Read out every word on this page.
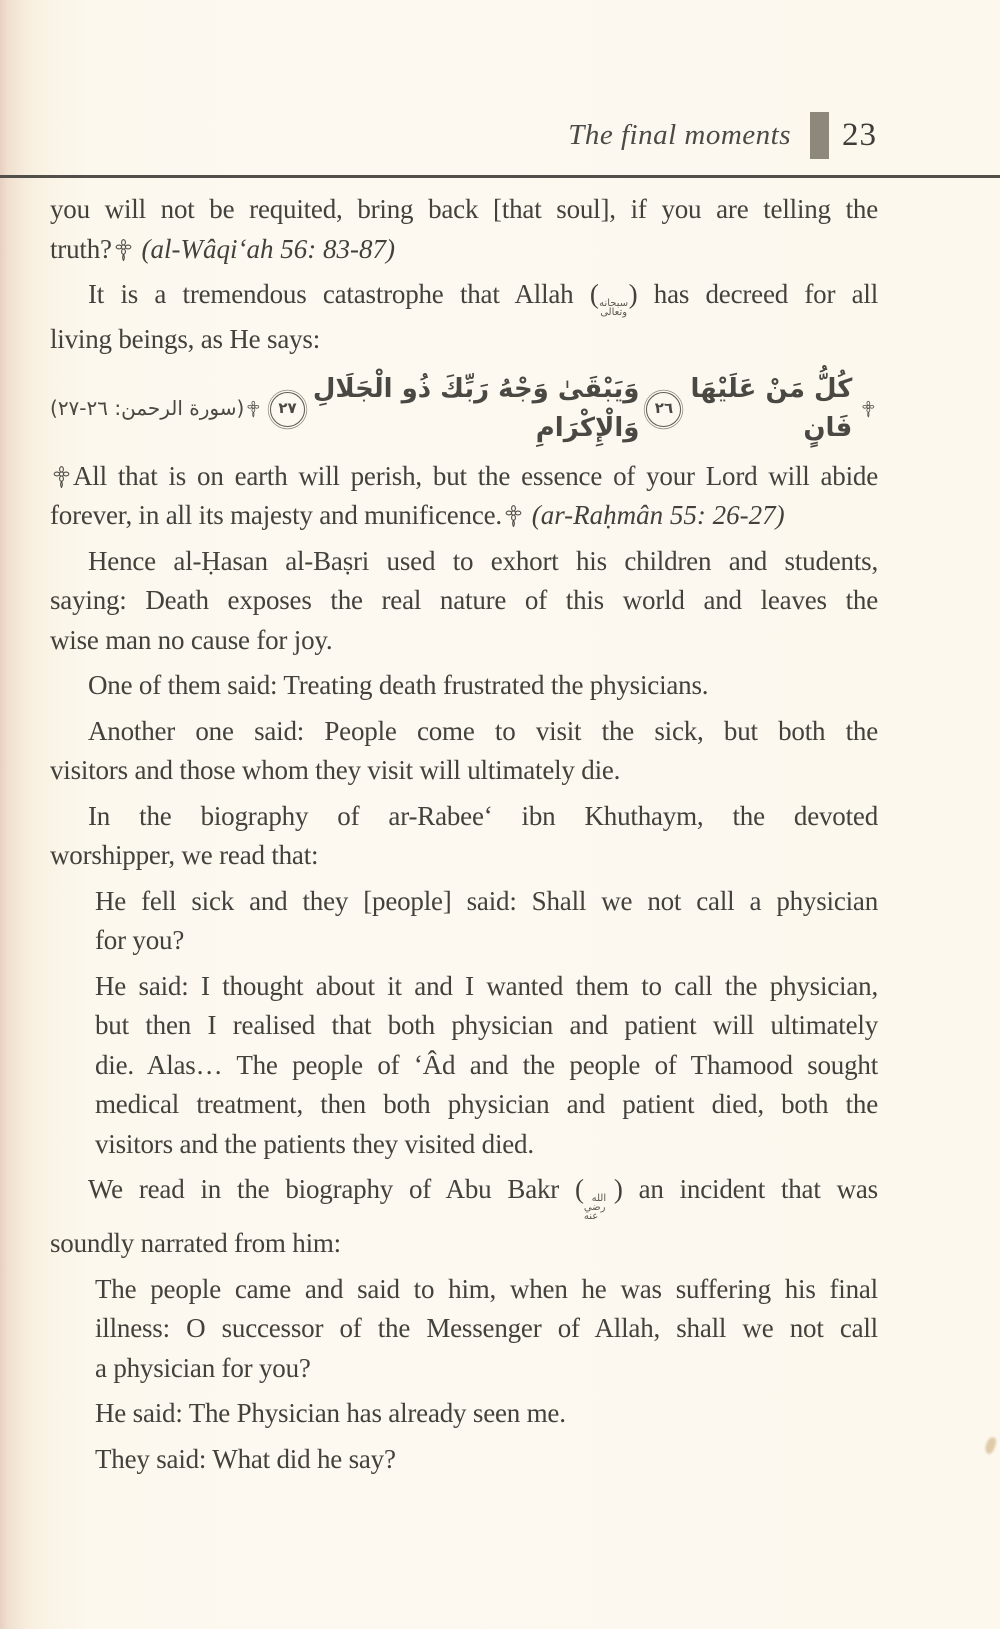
The final moments 23
you will not be requited, bring back [that soul], if you are telling the
truth? (al-Wâqi‘ah 56: 83-87)
It is a tremendous catastrophe that Allah ( سبحانه
وتعالى
) has decreed for all
living beings, as He says:
كُلُّ مَنْ عَلَيْهَا فَانٍ
٢٦
وَيَبْقَىٰ وَجْهُ رَبِّكَ ذُو الْجَلَالِ وَالْإِكْرَامِ
٢٧
(سورة الرحمن: ٢٦-٢٧)
All that is on earth will perish, but the essence of your Lord will abide
forever, in all its majesty and munificence. (ar-Raḥmân 55: 26-27)
Hence al-Ḥasan al-Baṣri used to exhort his children and students,
saying: Death exposes the real nature of this world and leaves the
wise man no cause for joy.
One of them said: Treating death frustrated the physicians.
Another one said: People come to visit the sick, but both the
visitors and those whom they visit will ultimately die.
In the biography of ar-Rabee‘ ibn Khuthaym, the devoted
worshipper, we read that:
He fell sick and they [people] said: Shall we not call a physician
for you?
He said: I thought about it and I wanted them to call the physician,
but then I realised that both physician and patient will ultimately
die. Alas… The people of ‘Âd and the people of Thamood sought
medical treatment, then both physician and patient died, both the
visitors and the patients they visited died.
We read in the biography of Abu Bakr ( الله
رضي عنه
) an incident that was
soundly narrated from him:
The people came and said to him, when he was suffering his final
illness: O successor of the Messenger of Allah, shall we not call
a physician for you?
He said: The Physician has already seen me.
They said: What did he say?
